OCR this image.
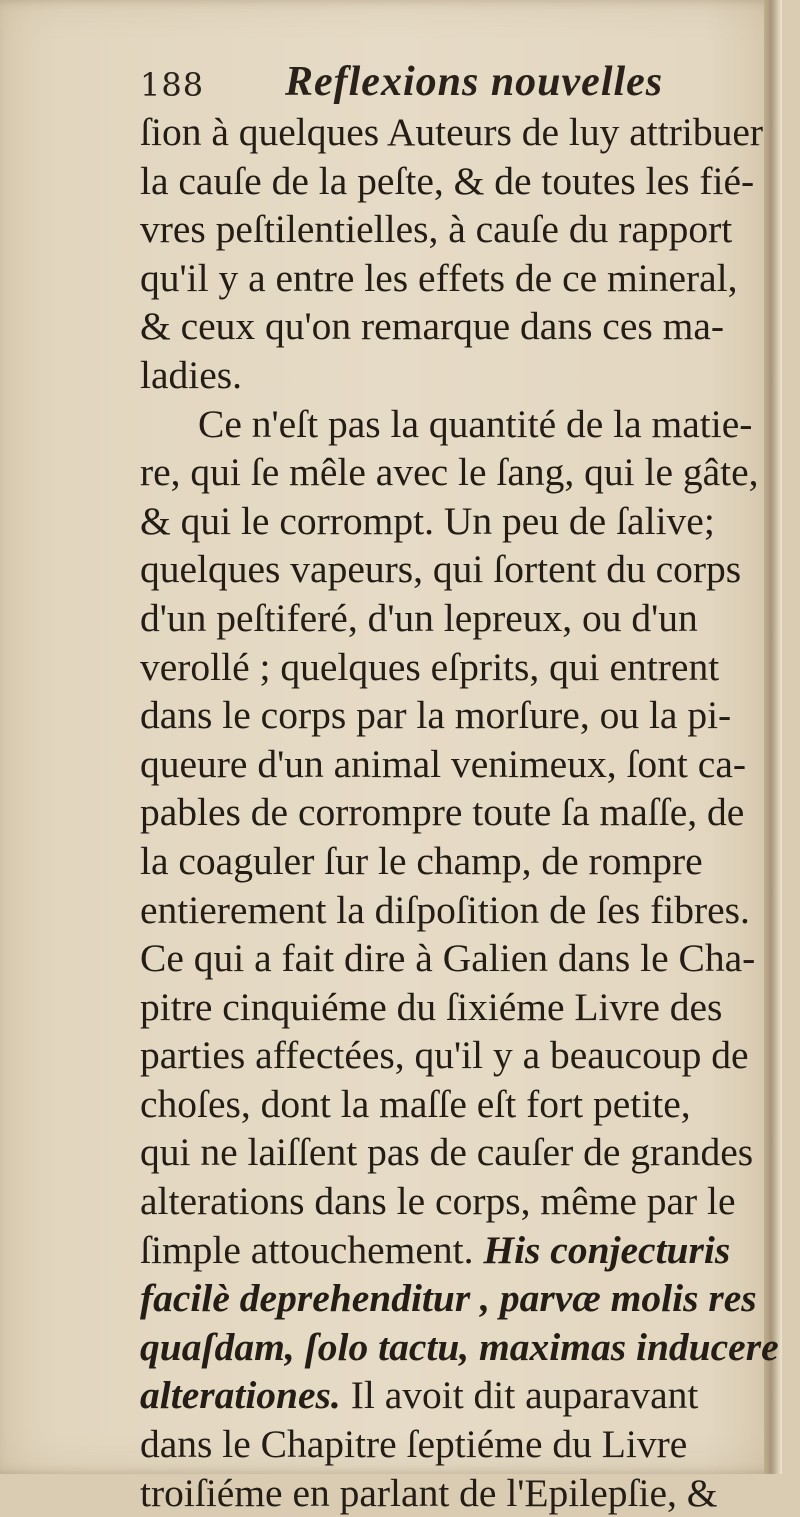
188 Reflexions nouvelles
ſion à quelques Auteurs de luy attribuer
la cauſe de la peſte, & de toutes les fié-
vres peſtilentielles, à cauſe du rapport
qu'il y a entre les effets de ce mineral,
& ceux qu'on remarque dans ces ma-
ladies.
Ce n'eſt pas la quantité de la matie-
re, qui ſe mêle avec le ſang, qui le gâte,
& qui le corrompt. Un peu de ſalive;
quelques vapeurs, qui ſortent du corps
d'un peſtiferé, d'un lepreux, ou d'un
verollé ; quelques eſprits, qui entrent
dans le corps par la morſure, ou la pi-
queure d'un animal venimeux, ſont ca-
pables de corrompre toute ſa maſſe, de
la coaguler ſur le champ, de rompre
entierement la diſpoſition de ſes fibres.
Ce qui a fait dire à Galien dans le Cha-
pitre cinquiéme du ſixiéme Livre des
parties affectées, qu'il y a beaucoup de
choſes, dont la maſſe eſt fort petite,
qui ne laiſſent pas de cauſer de grandes
alterations dans le corps, même par le
ſimple attouchement. His conjecturis
facilè deprehenditur , parvæ molis res
quaſdam, ſolo tactu, maximas inducere
alterationes. Il avoit dit auparavant
dans le Chapitre ſeptiéme du Livre
troiſiéme en parlant de l'Epilepſie, &
